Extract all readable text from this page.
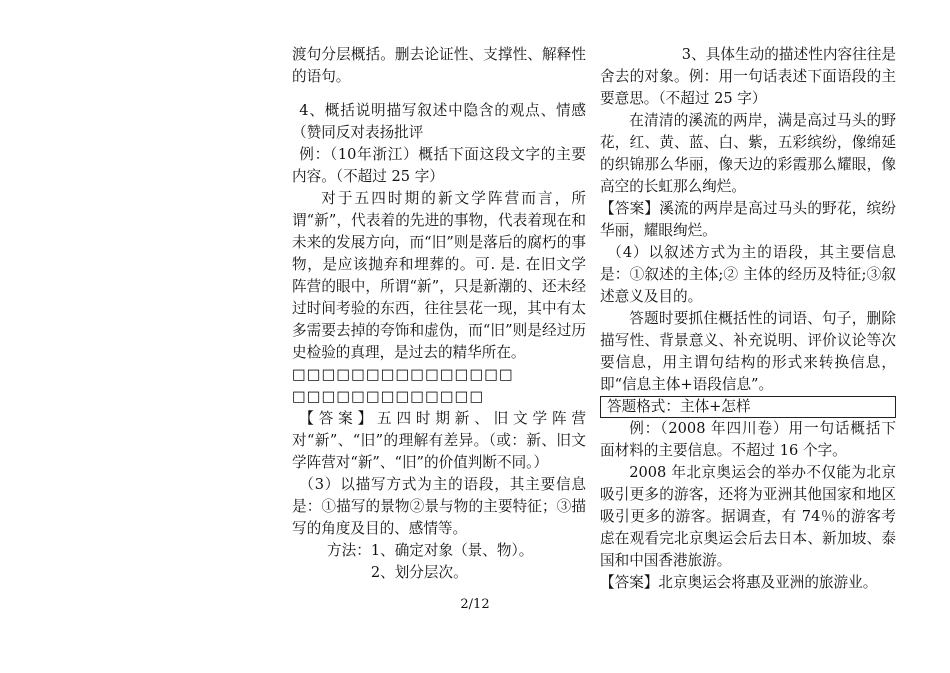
渡句分层概括。删去论证性、支撑性、解释性的语句。

4、概括说明描写叙述中隐含的观点、情感（赞同反对表扬批评

例：（10年浙江）概括下面这段文字的主要内容。（不超过 25 字）

对于五四时期的新文学阵营而言，所谓“新”，代表着的先进的事物，代表着现在和未来的发展方向，而“旧”则是落后的腐朽的事物，是应该抛弃和埋葬的。可. 是. 在旧文学阵营的眼中，所谓“新”，只是新潮的、还未经过时间考验的东西，往往昙花一现，其中有太多需要去掉的夸饰和虚伪，而“旧”则是经过历史检验的真理，是过去的精华所在。

□□□□□□□□□□□□□□□

□□□□□□□□□□□□□

【答案】五四时期新、旧文学阵营对“新”、“旧”的理解有差异。（或：新、旧文学阵营对“新”、“旧”的价值判断不同。）

（3）以描写方式为主的语段，其主要信息是：①描写的景物②景与物的主要特征；③描写的角度及目的、感情等。

方法：1、确定对象（景、物）。

2、划分层次。

3、具体生动的描述性内容往往是舍去的对象。例：用一句话表述下面语段的主要意思。（不超过 25 字）

在清清的溪流的两岸，满是高过马头的野花，红、黄、蓝、白、紫，五彩缤纷，像绵延的织锦那么华丽，像天边的彩霞那么耀眼，像高空的长虹那么绚烂。

【答案】溪流的两岸是高过马头的野花，缤纷华丽，耀眼绚烂。

（4）以叙述方式为主的语段，其主要信息是：①叙述的主体;② 主体的经历及特征;③叙述意义及目的。

答题时要抓住概括性的词语、句子，删除描写性、背景意义、补充说明、评价议论等次要信息，用主谓句结构的形式来转换信息，即“信息主体+语段信息”。

答题格式：主体+怎样

例：（2008 年四川卷）用一句话概括下面材料的主要信息。不超过 16 个字。

2008 年北京奥运会的举办不仅能为北京吸引更多的游客，还将为亚洲其他国家和地区吸引更多的游客。据调查，有 74％的游客考虑在观看完北京奥运会后去日本、新加坡、泰国和中国香港旅游。

【答案】北京奥运会将惠及亚洲的旅游业。

2/12
